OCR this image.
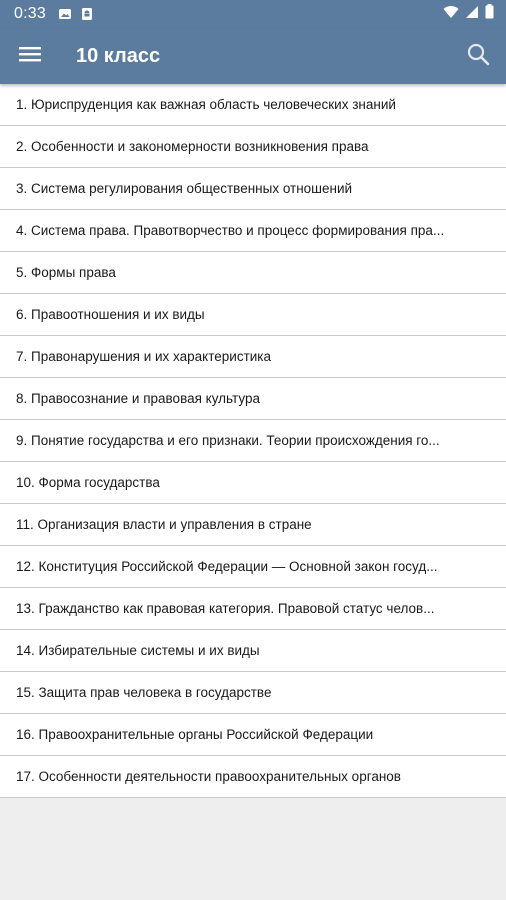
0:33
10 класс
1. Юриспруденция как важная область человеческих знаний
2. Особенности и закономерности возникновения права
3. Система регулирования общественных отношений
4. Система права. Правотворчество и процесс формирования пра...
5. Формы права
6. Правоотношения и их виды
7. Правонарушения и их характеристика
8. Правосознание и правовая культура
9. Понятие государства и его признаки. Теории происхождения го...
10. Форма государства
11. Организация власти и управления в стране
12. Конституция Российской Федерации — Основной закон госуд...
13. Гражданство как правовая категория. Правовой статус челов...
14. Избирательные системы и их виды
15. Защита прав человека в государстве
16. Правоохранительные органы Российской Федерации
17. Особенности деятельности правоохранительных органов
